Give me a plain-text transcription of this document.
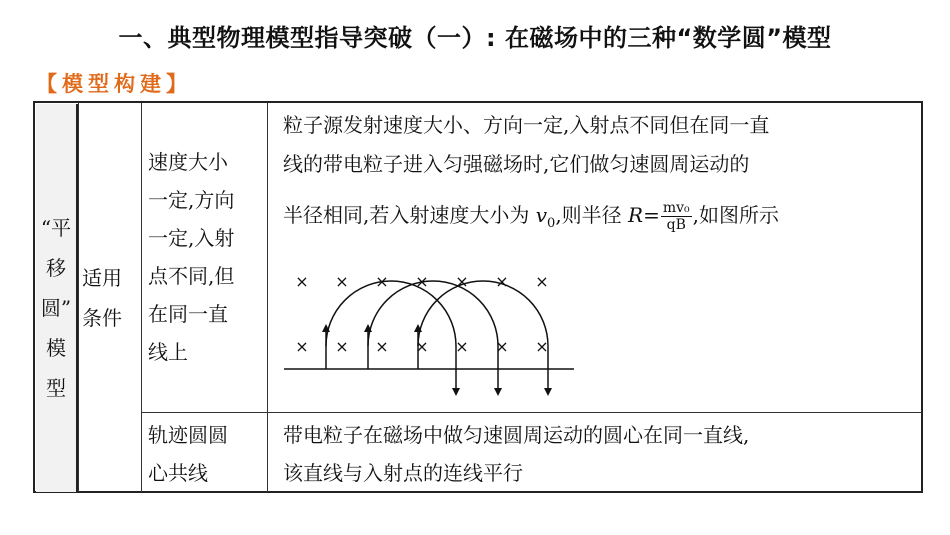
一、典型物理模型指导突破（一）: 在磁场中的三种“数学圆”模型
【模型构建】
“平
移
圆”
模
型
适用
条件
速度大小
一定,方向
一定,入射
点不同,但
在同一直
线上
粒子源发射速度大小、方向一定,入射点不同但在同一直
线的带电粒子进入匀强磁场时,它们做匀速圆周运动的
半径相同,若入射速度大小为 $v_0$,则半径 $R= \frac{\text{mv₀}}{qB}$ ,如图所示
× × × × × × ×
× × × × × × ×
轨迹圆圆
心共线
带电粒子在磁场中做匀速圆周运动的圆心在同一直线,
该直线与入射点的连线平行
